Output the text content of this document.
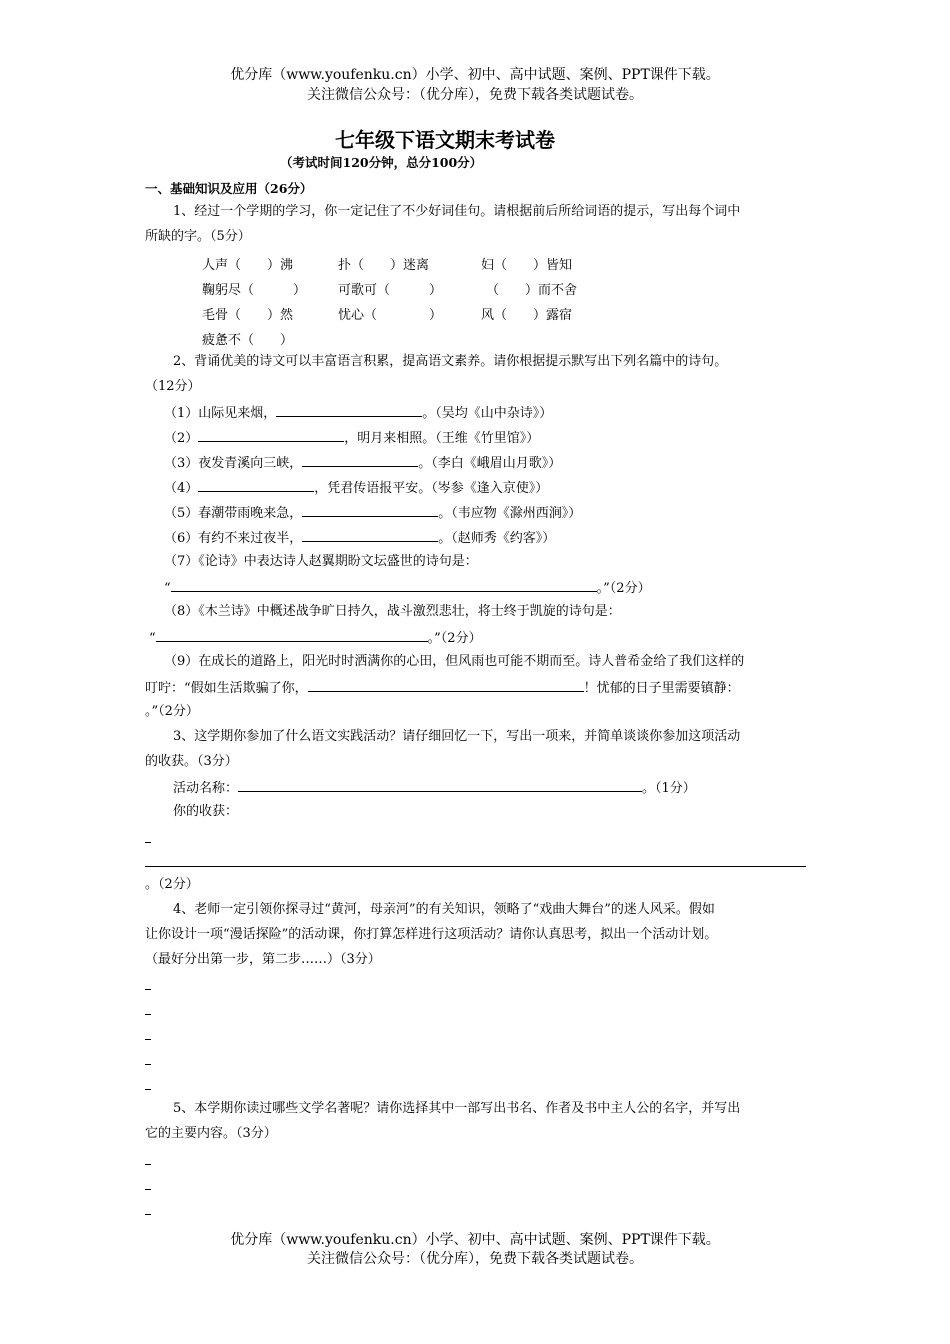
优分库（www.youfenku.cn）小学、初中、高中试题、案例、PPT课件下载。
关注微信公众号：（优分库），免费下载各类试题试卷。
七年级下语文期末考试卷
（考试时间120分钟，总分100分）
一、基础知识及应用（26分）
1、经过一个学期的学习，你一定记住了不少好词佳句。请根据前后所给词语的提示，写出每个词中
所缺的字。（5分）
人声（　　）沸	扑（　　）迷离	妇（　　）皆知
鞠躬尽（　　　） 可歌可（　　　）	（　　）而不舍
毛骨（　　）然	忧心（　　　　）	风（　　）露宿
疲惫不（　　）
2、背诵优美的诗文可以丰富语言积累，提高语文素养。请你根据提示默写出下列名篇中的诗句。
（12分）
（1）山际见来烟，	。（吴均《山中杂诗》）
（2）	，明月来相照。（王维《竹里馆》）
（3）夜发青溪向三峡，	。（李白《峨眉山月歌》）
（4）	，凭君传语报平安。（岑参《逢入京使》）
（5）春潮带雨晚来急，	。（韦应物《滁州西涧》）
（6）有约不来过夜半，	。（赵师秀《约客》）
（7）《论诗》中表达诗人赵翼期盼文坛盛世的诗句是：
“	。”（2分）
（8）《木兰诗》中概述战争旷日持久，战斗激烈悲壮，将士终于凯旋的诗句是：
“	。”（2分）
（9）在成长的道路上，阳光时时洒满你的心田，但风雨也可能不期而至。诗人普希金给了我们这样的
叮咛：“假如生活欺骗了你，	！忧郁的日子里需要镇静：
。”（2分）
3、这学期你参加了什么语文实践活动？请仔细回忆一下，写出一项来，并简单谈谈你参加这项活动
的收获。（3分）
活动名称：	。（1分）
你的收获：
。（2分）
4、老师一定引领你探寻过“黄河，母亲河”的有关知识，领略了“戏曲大舞台”的迷人风采。假如
让你设计一项“漫话探险”的活动课，你打算怎样进行这项活动？请你认真思考，拟出一个活动计划。
（最好分出第一步，第二步……）（3分）
5、本学期你读过哪些文学名著呢？请你选择其中一部写出书名、作者及书中主人公的名字，并写出
它的主要内容。（3分）
优分库（www.youfenku.cn）小学、初中、高中试题、案例、PPT课件下载。
关注微信公众号：（优分库），免费下载各类试题试卷。
